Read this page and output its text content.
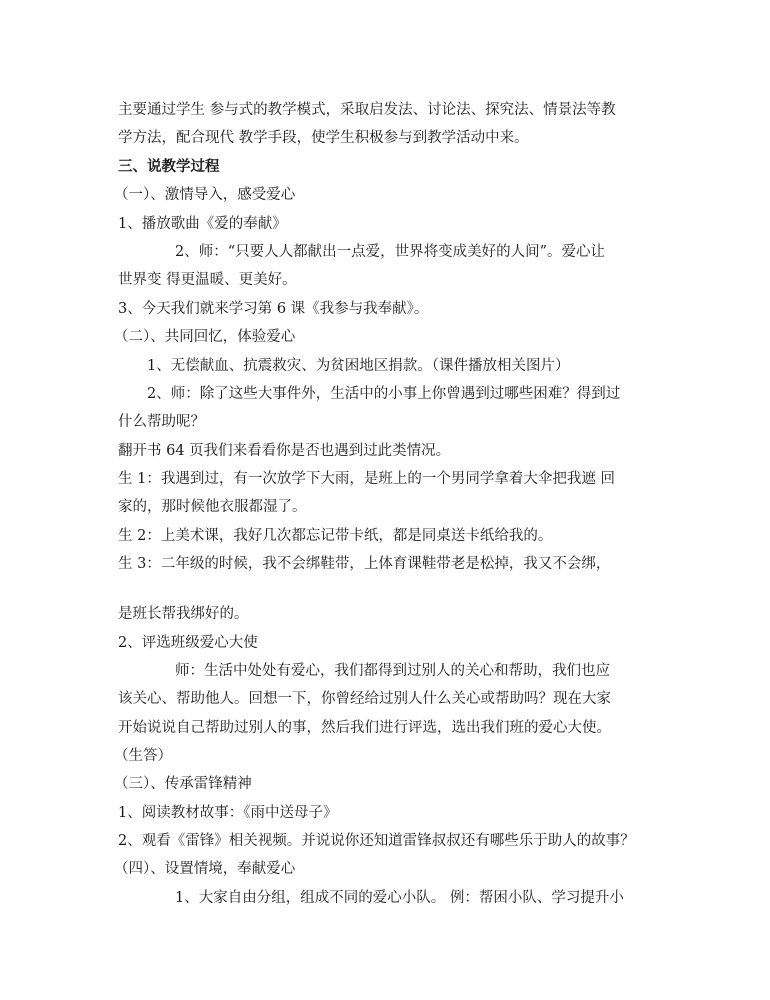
主要通过学生 参与式的教学模式，采取启发法、讨论法、探究法、情景法等教
学方法，配合现代 教学手段，使学生积极参与到教学活动中来。
三、说教学过程
（一）、激情导入，感受爱心
1、播放歌曲《爱的奉献》
2、师：“只要人人都献出一点爱，世界将变成美好的人间”。爱心让
世界变 得更温暖、更美好。
3、今天我们就来学习第 6 课《我参与我奉献》。
（二）、共同回忆，体验爱心
1、无偿献血、抗震救灾、为贫困地区捐款。（课件播放相关图片）
2、师：除了这些大事件外，生活中的小事上你曾遇到过哪些困难？得到过
什么帮助呢？
翻开书 64 页我们来看看你是否也遇到过此类情况。
生 1：我遇到过，有一次放学下大雨，是班上的一个男同学拿着大伞把我遮 回
家的，那时候他衣服都湿了。
生 2：上美术课，我好几次都忘记带卡纸，都是同桌送卡纸给我的。
生 3：二年级的时候，我不会绑鞋带，上体育课鞋带老是松掉，我又不会绑，
是班长帮我绑好的。
2、评选班级爱心大使
师：生活中处处有爱心，我们都得到过别人的关心和帮助，我们也应
该关心、帮助他人。回想一下，你曾经给过别人什么关心或帮助吗？现在大家
开始说说自己帮助过别人的事，然后我们进行评选，选出我们班的爱心大使。
（生答）
（三）、传承雷锋精神
1、阅读教材故事：《雨中送母子》
2、观看《雷锋》相关视频。并说说你还知道雷锋叔叔还有哪些乐于助人的故事？
（四）、设置情境，奉献爱心
1、大家自由分组，组成不同的爱心小队。 例：帮困小队、学习提升小
